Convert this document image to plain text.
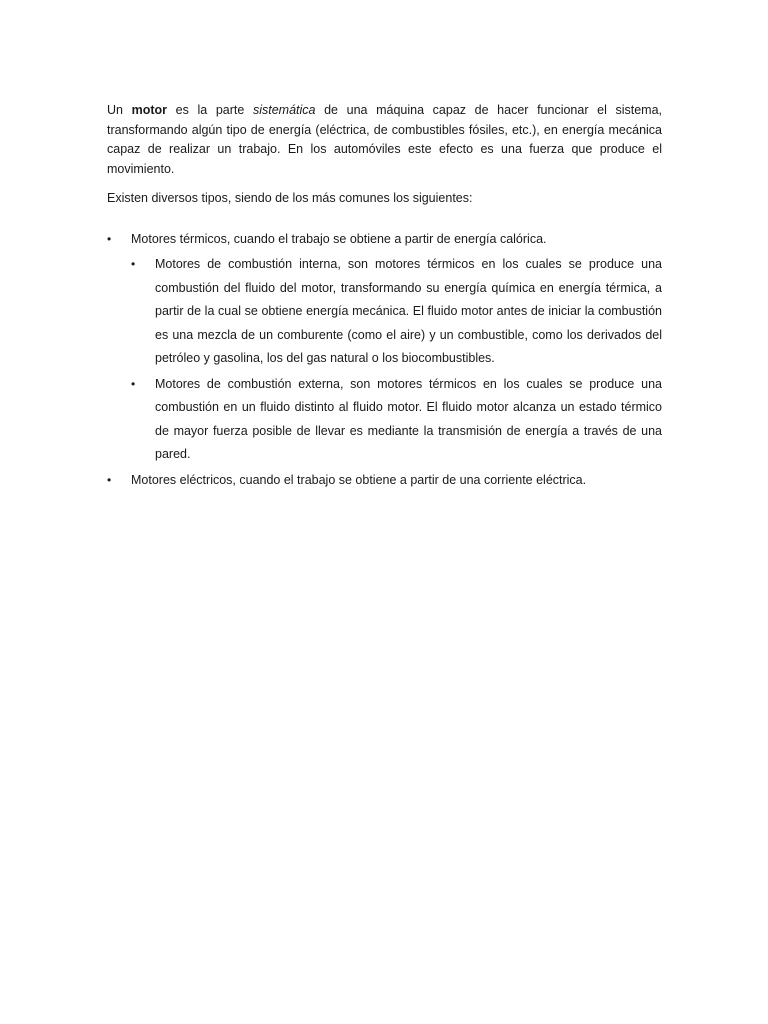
Un motor es la parte sistemática de una máquina capaz de hacer funcionar el sistema, transformando algún tipo de energía (eléctrica, de combustibles fósiles, etc.), en energía mecánica capaz de realizar un trabajo. En los automóviles este efecto es una fuerza que produce el movimiento.

Existen diversos tipos, siendo de los más comunes los siguientes:

• Motores térmicos, cuando el trabajo se obtiene a partir de energía calórica.
• Motores de combustión interna, son motores térmicos en los cuales se produce una combustión del fluido del motor, transformando su energía química en energía térmica, a partir de la cual se obtiene energía mecánica. El fluido motor antes de iniciar la combustión es una mezcla de un comburente (como el aire) y un combustible, como los derivados del petróleo y gasolina, los del gas natural o los biocombustibles.
• Motores de combustión externa, son motores térmicos en los cuales se produce una combustión en un fluido distinto al fluido motor. El fluido motor alcanza un estado térmico de mayor fuerza posible de llevar es mediante la transmisión de energía a través de una pared.
• Motores eléctricos, cuando el trabajo se obtiene a partir de una corriente eléctrica.
